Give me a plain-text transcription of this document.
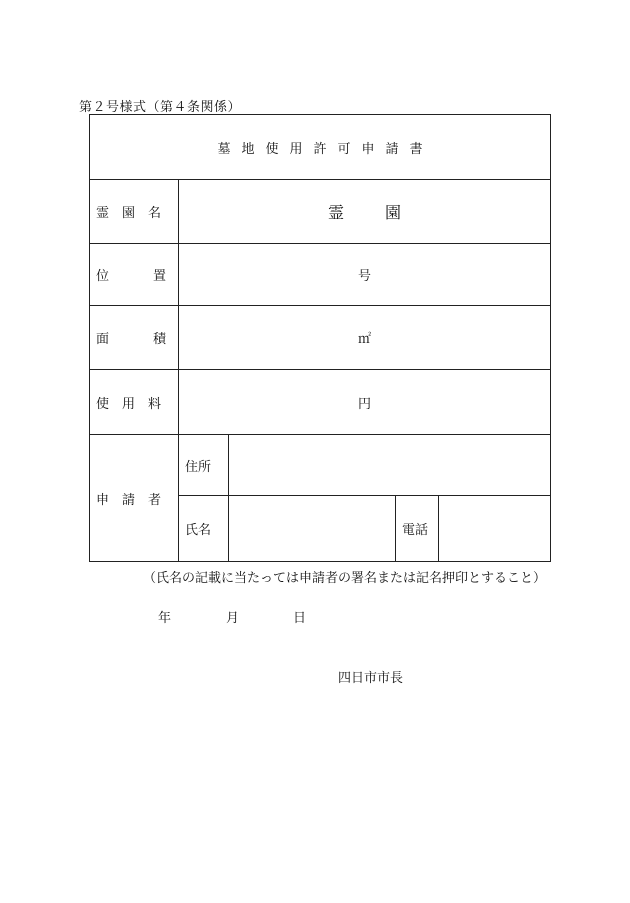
第２号様式（第４条関係）
墓地使用許可申請書				
霊園名	霊 園			
位置	号			
面積	㎡			
使用料	円			
申請者	住所			
	氏名		電話	
（氏名の記載に当たっては申請者の署名または記名押印とすること）
年	月	日
四日市市長
